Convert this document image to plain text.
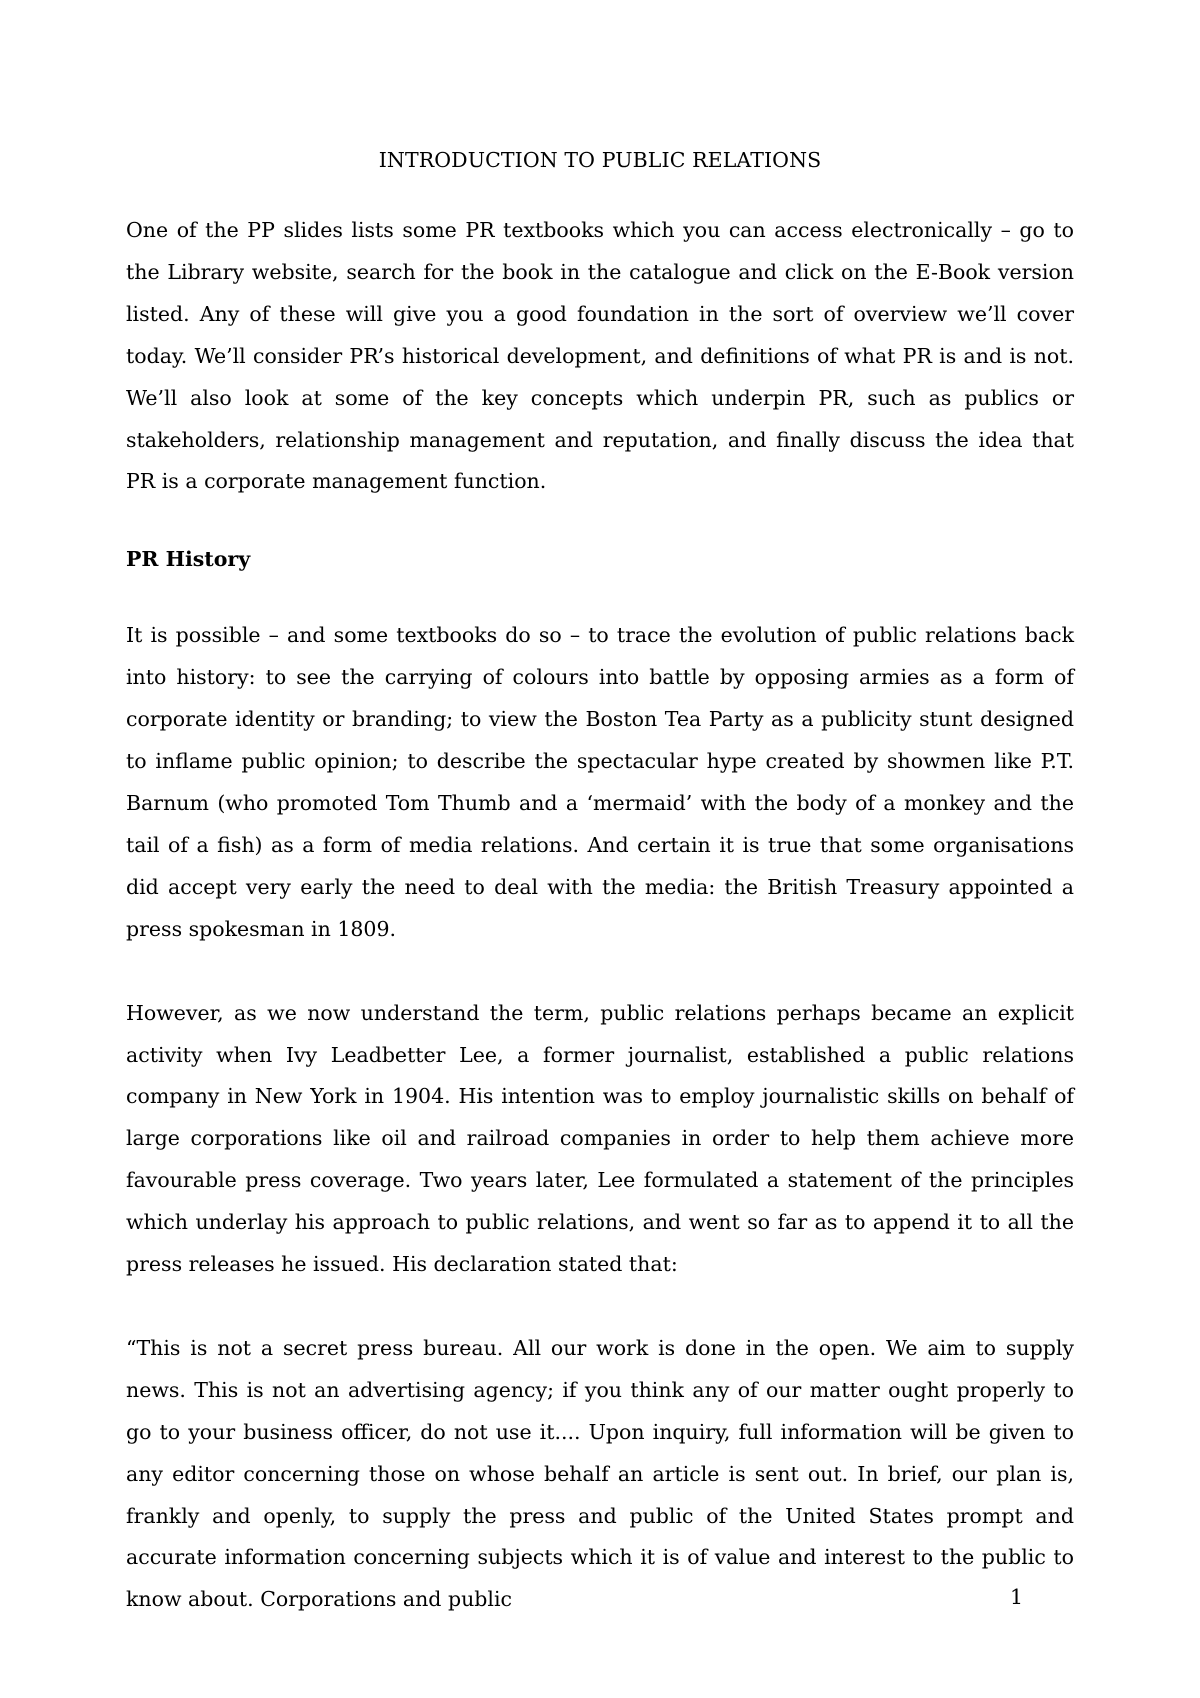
INTRODUCTION TO PUBLIC RELATIONS

One of the PP slides lists some PR textbooks which you can access electronically – go to the Library website, search for the book in the catalogue and click on the E-Book version listed. Any of these will give you a good foundation in the sort of overview we’ll cover today. We’ll consider PR’s historical development, and definitions of what PR is and is not. We’ll also look at some of the key concepts which underpin PR, such as publics or stakeholders, relationship management and reputation, and finally discuss the idea that PR is a corporate management function.

PR History

It is possible – and some textbooks do so – to trace the evolution of public relations back into history: to see the carrying of colours into battle by opposing armies as a form of corporate identity or branding; to view the Boston Tea Party as a publicity stunt designed to inflame public opinion; to describe the spectacular hype created by showmen like P.T. Barnum (who promoted Tom Thumb and a ‘mermaid’ with the body of a monkey and the tail of a fish) as a form of media relations. And certain it is true that some organisations did accept very early the need to deal with the media: the British Treasury appointed a press spokesman in 1809.

However, as we now understand the term, public relations perhaps became an explicit activity when Ivy Leadbetter Lee, a former journalist, established a public relations company in New York in 1904. His intention was to employ journalistic skills on behalf of large corporations like oil and railroad companies in order to help them achieve more favourable press coverage. Two years later, Lee formulated a statement of the principles which underlay his approach to public relations, and went so far as to append it to all the press releases he issued. His declaration stated that:

“This is not a secret press bureau. All our work is done in the open. We aim to supply news. This is not an advertising agency; if you think any of our matter ought properly to go to your business officer, do not use it.... Upon inquiry, full information will be given to any editor concerning those on whose behalf an article is sent out. In brief, our plan is, frankly and openly, to supply the press and public of the United States prompt and accurate information concerning subjects which it is of value and interest to the public to know about. Corporations and public	1
